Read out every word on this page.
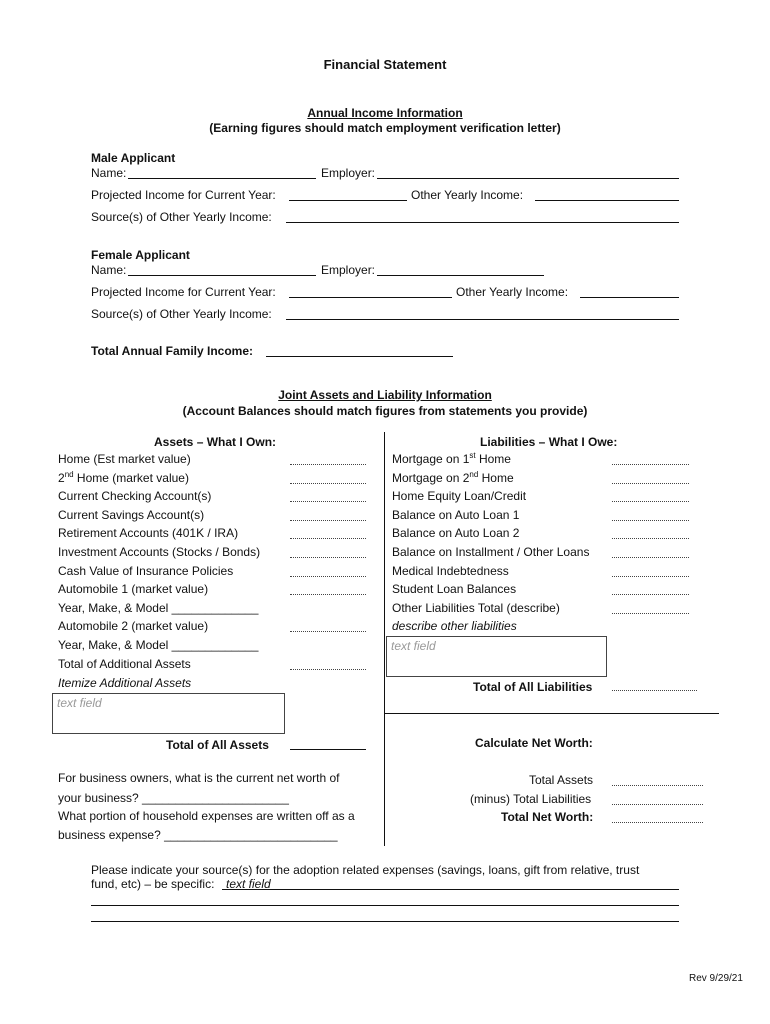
Financial Statement
Annual Income Information
(Earning figures should match employment verification letter)
Male Applicant
Name:	Employer:
Projected Income for Current Year:	Other Yearly Income:
Source(s) of Other Yearly Income:
Female Applicant
Name:	Employer:
Projected Income for Current Year:	Other Yearly Income:
Source(s) of Other Yearly Income:
Total Annual Family Income:
Joint Assets and Liability Information
(Account Balances should match figures from statements you provide)
Assets – What I Own:
Home (Est market value)
2nd Home (market value)
Current Checking Account(s)
Current Savings Account(s)
Retirement Accounts (401K / IRA)
Investment Accounts (Stocks / Bonds)
Cash Value of Insurance Policies
Automobile 1 (market value)
Year, Make, & Model _____________
Automobile 2 (market value)
Year, Make, & Model _____________
Total of Additional Assets
Itemize Additional Assets
text field
Total of All Assets
Liabilities – What I Owe:
Mortgage on 1st Home
Mortgage on 2nd Home
Home Equity Loan/Credit
Balance on Auto Loan 1
Balance on Auto Loan 2
Balance on Installment / Other Loans
Medical Indebtedness
Student Loan Balances
Other Liabilities Total (describe)
describe other liabilities
text field
Total of All Liabilities
Calculate Net Worth:
Total Assets
(minus) Total Liabilities
Total Net Worth:
For business owners, what is the current net worth of
your business? ______________________
What portion of household expenses are written off as a
business expense? __________________________
Please indicate your source(s) for the adoption related expenses (savings, loans, gift from relative, trust
fund, etc) – be specific: text field
Rev 9/29/21
